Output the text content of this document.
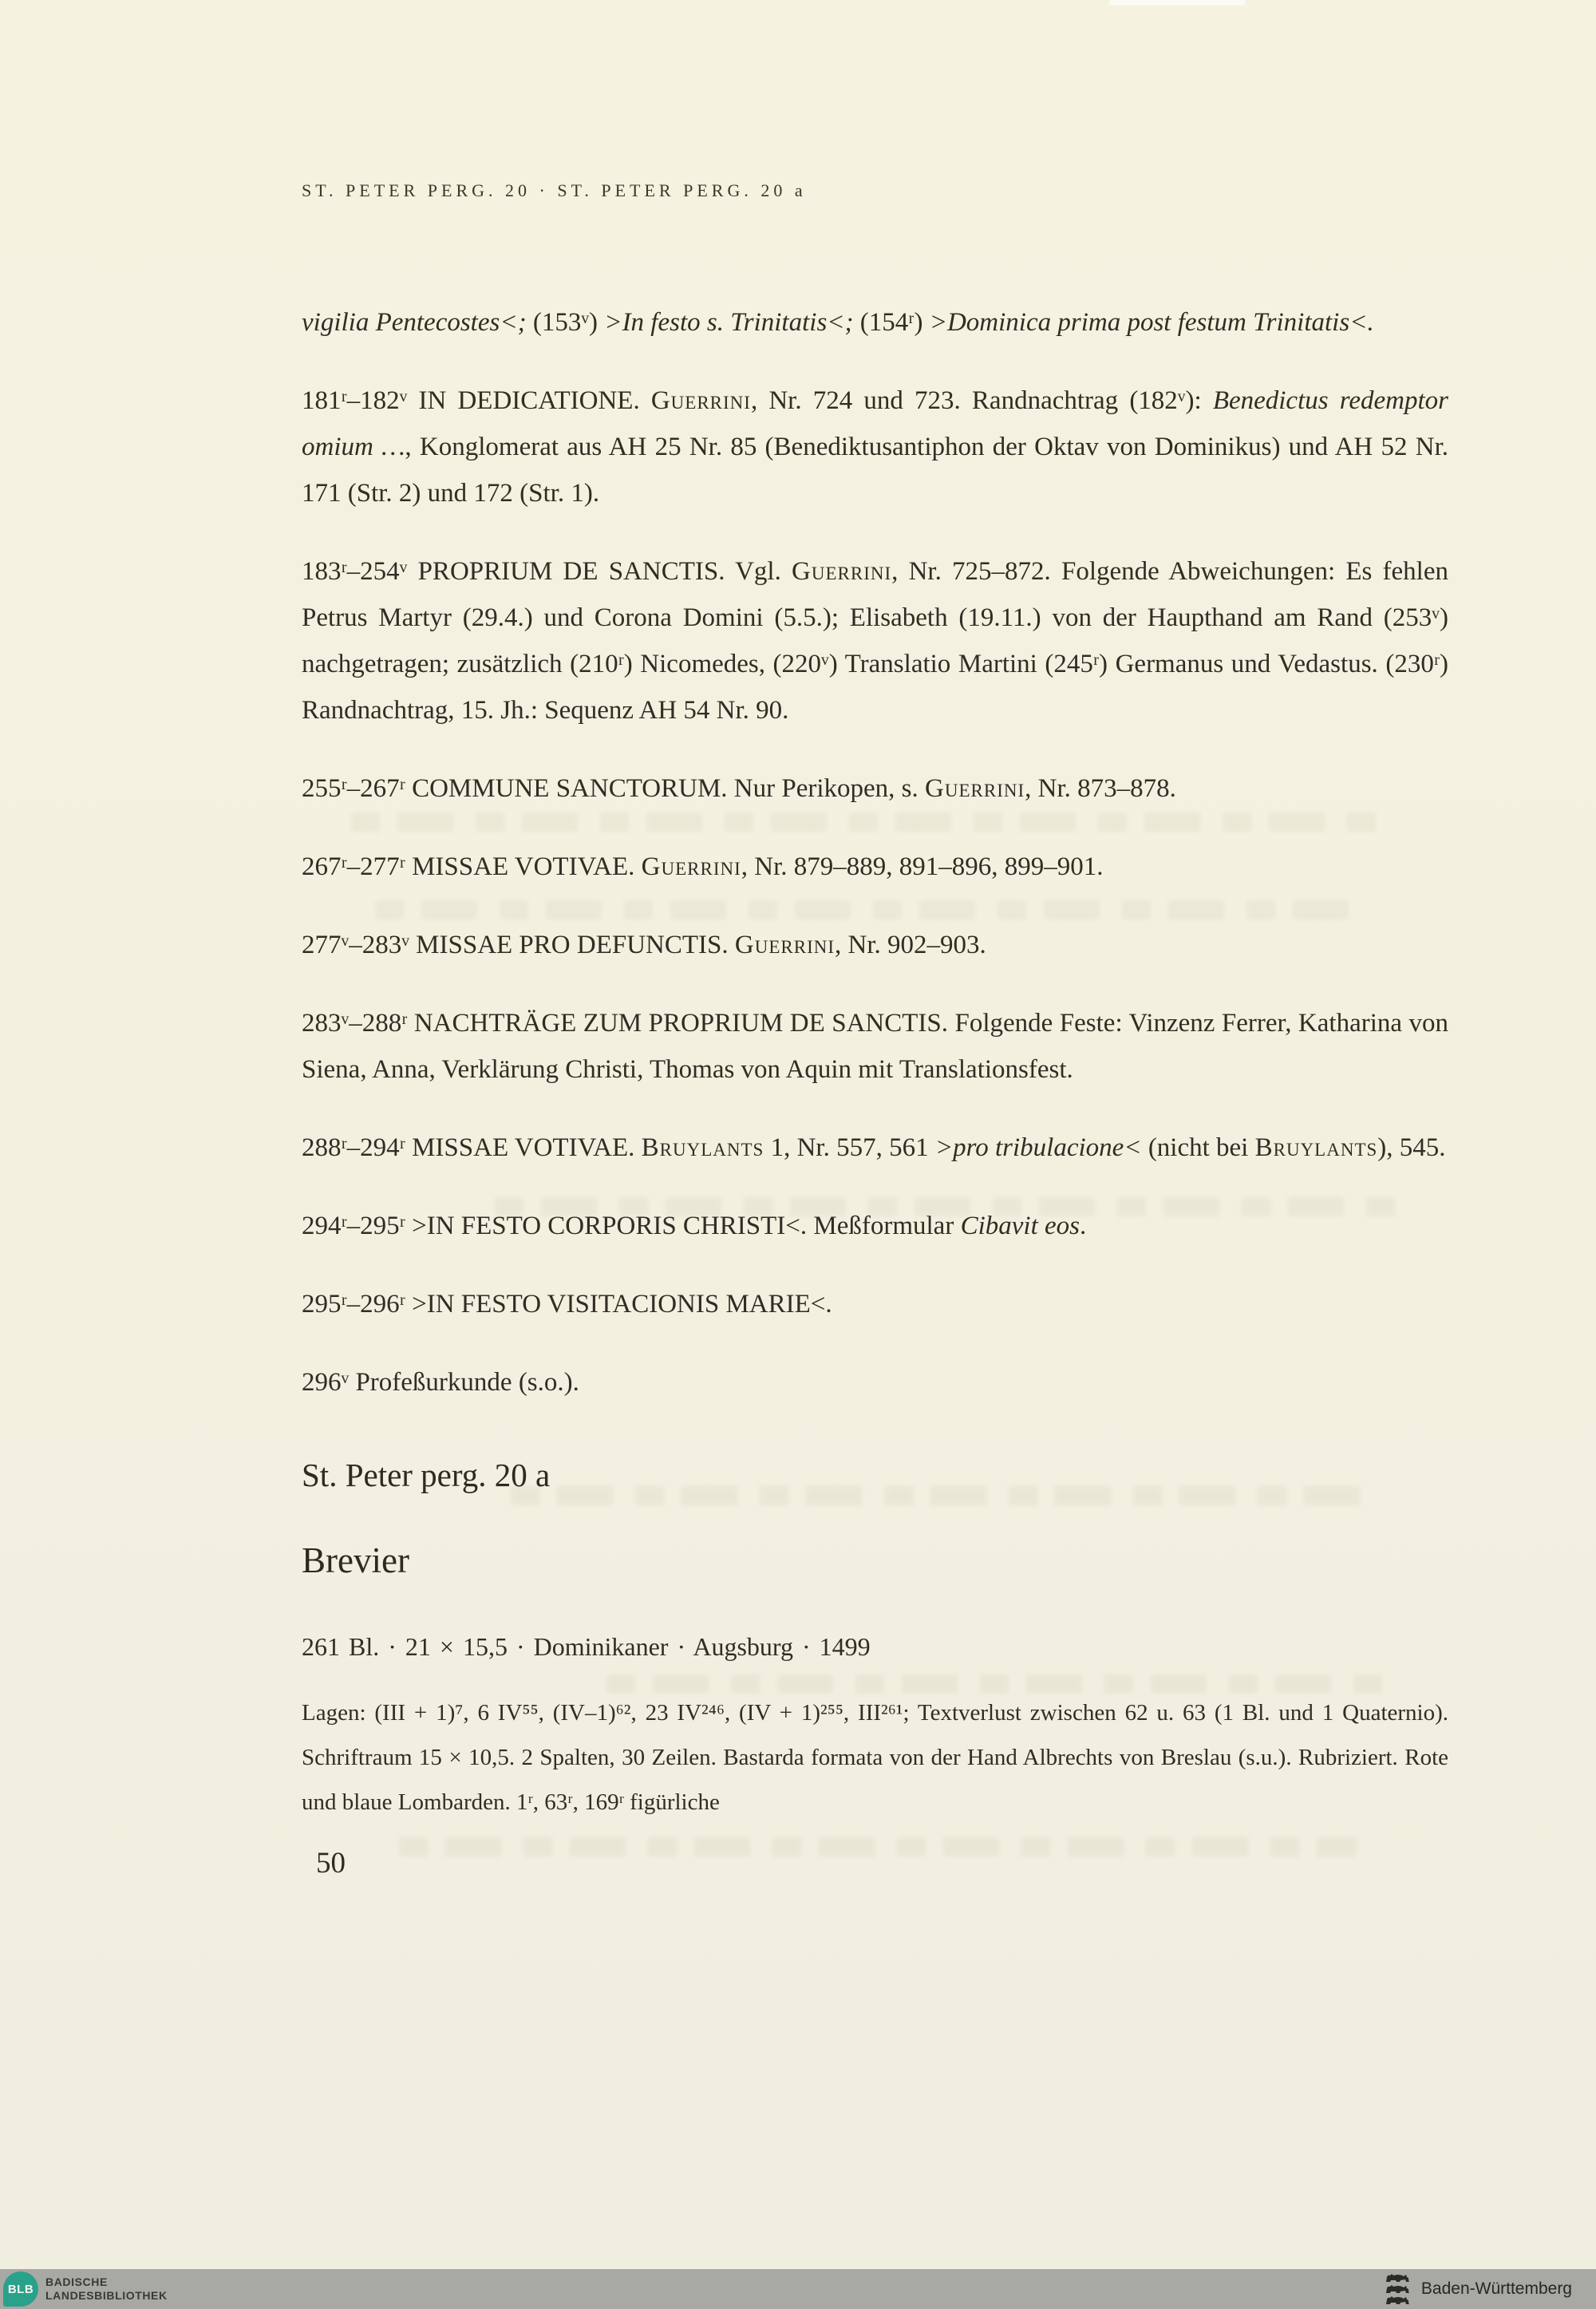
ST. PETER PERG. 20 · ST. PETER PERG. 20 a

vigilia Pentecostes<; (153ᵛ) >In festo s. Trinitatis<; (154ʳ) >Dominica prima post festum Trinitatis<.

181ʳ–182ᵛ IN DEDICATIONE. Guerrini, Nr. 724 und 723. Randnachtrag (182ᵛ): Benedictus redemptor omium …, Konglomerat aus AH 25 Nr. 85 (Benediktusantiphon der Oktav von Dominikus) und AH 52 Nr. 171 (Str. 2) und 172 (Str. 1).

183ʳ–254ᵛ PROPRIUM DE SANCTIS. Vgl. Guerrini, Nr. 725–872. Folgende Abweichungen: Es fehlen Petrus Martyr (29.4.) und Corona Domini (5.5.); Elisabeth (19.11.) von der Haupthand am Rand (253ᵛ) nachgetragen; zusätzlich (210ʳ) Nicomedes, (220ᵛ) Translatio Martini (245ʳ) Germanus und Vedastus. (230ʳ) Randnachtrag, 15. Jh.: Sequenz AH 54 Nr. 90.

255ʳ–267ʳ COMMUNE SANCTORUM. Nur Perikopen, s. Guerrini, Nr. 873–878.

267ʳ–277ʳ MISSAE VOTIVAE. Guerrini, Nr. 879–889, 891–896, 899–901.

277ᵛ–283ᵛ MISSAE PRO DEFUNCTIS. Guerrini, Nr. 902–903.

283ᵛ–288ʳ NACHTRÄGE ZUM PROPRIUM DE SANCTIS. Folgende Feste: Vinzenz Ferrer, Katharina von Siena, Anna, Verklärung Christi, Thomas von Aquin mit Translationsfest.

288ʳ–294ʳ MISSAE VOTIVAE. Bruylants 1, Nr. 557, 561 >pro tribulacione< (nicht bei Bruylants), 545.

294ʳ–295ʳ >IN FESTO CORPORIS CHRISTI<. Meßformular Cibavit eos.

295ʳ–296ʳ >IN FESTO VISITACIONIS MARIE<.

296ᵛ Profeßurkunde (s.o.).

St. Peter perg. 20 a
Brevier

261 Bl. · 21 × 15,5 · Dominikaner · Augsburg · 1499

Lagen: (III + 1)⁷, 6 IV⁵⁵, (IV–1)⁶², 23 IV²⁴⁶, (IV + 1)²⁵⁵, III²⁶¹; Textverlust zwischen 62 u. 63 (1 Bl. und 1 Quaternio). Schriftraum 15 × 10,5. 2 Spalten, 30 Zeilen. Bastarda formata von der Hand Albrechts von Breslau (s.u.). Rubriziert. Rote und blaue Lombarden. 1ʳ, 63ʳ, 169ʳ figürliche

50
BLB
BADISCHE
LANDESBIBLIOTHEK	Baden-Württemberg
